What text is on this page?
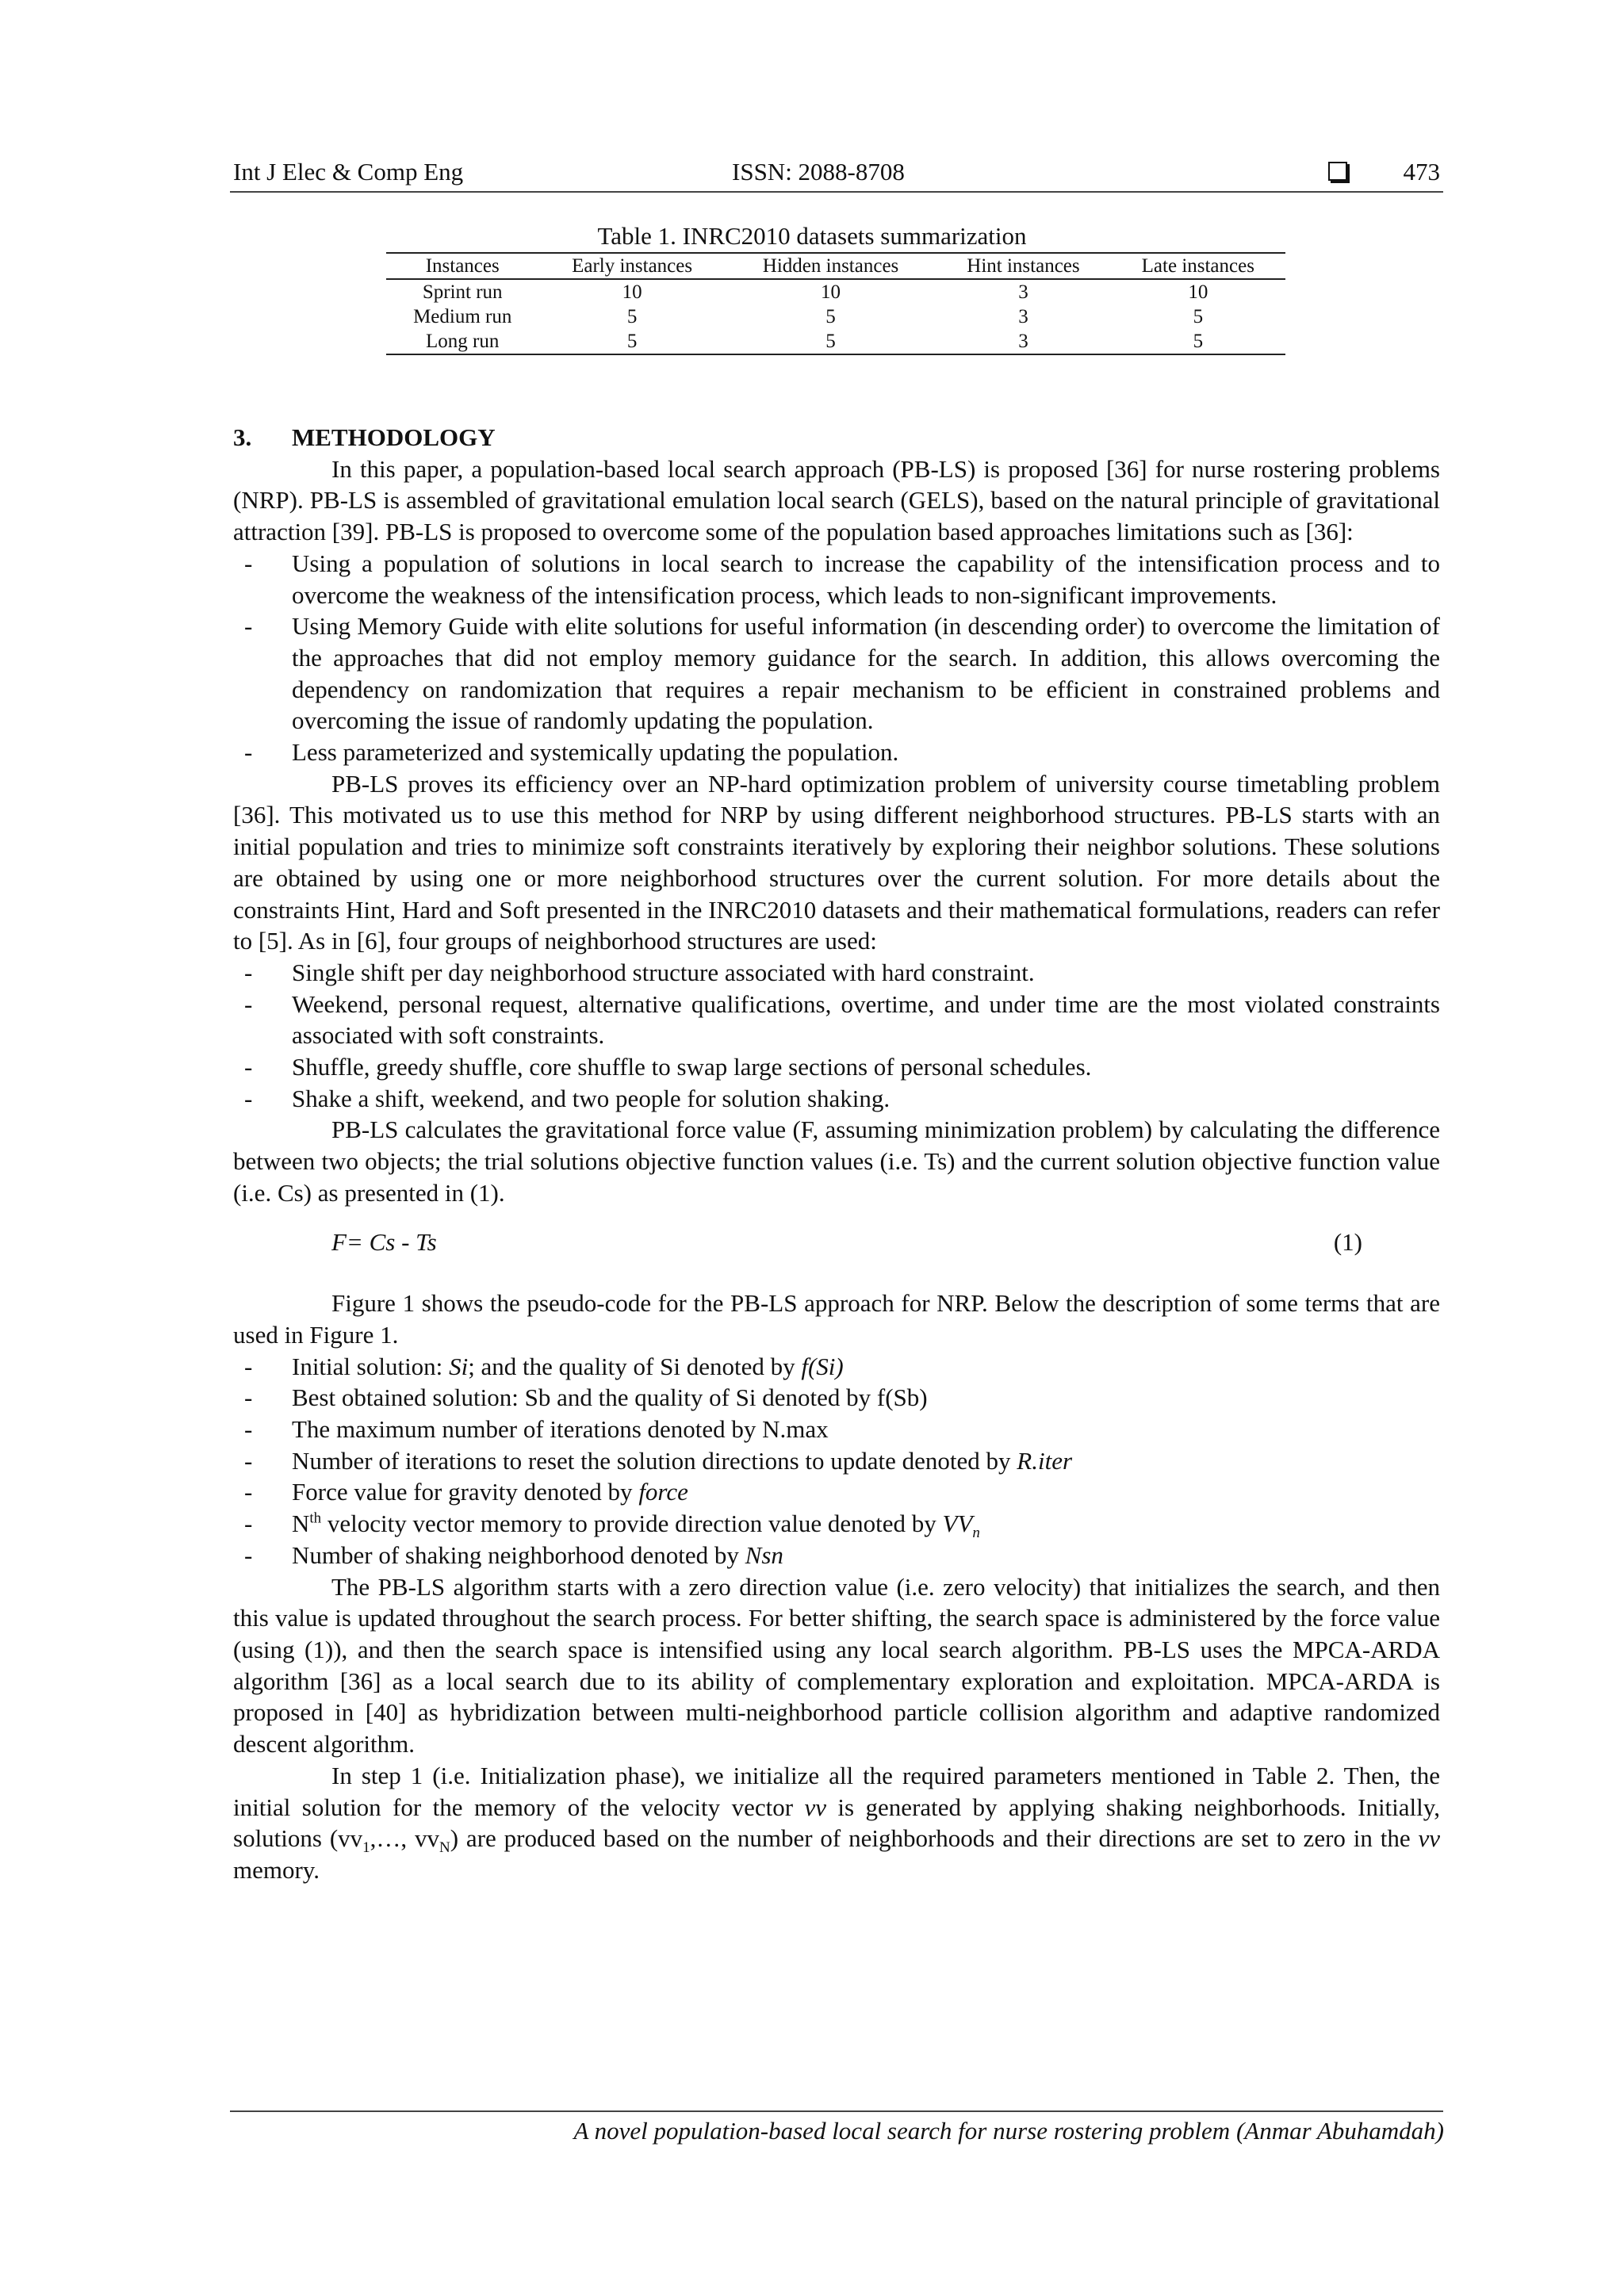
Int J Elec & Comp Eng	ISSN: 2088-8708	473
Table 1. INRC2010 datasets summarization
Instances	Early instances	Hidden instances	Hint instances	Late instances
Sprint run	10	10	3	10
Medium run	5	5	3	5
Long run	5	5	3	5

3. METHODOLOGY

In this paper, a population-based local search approach (PB-LS) is proposed [36] for nurse rostering problems (NRP). PB-LS is assembled of gravitational emulation local search (GELS), based on the natural principle of gravitational attraction [39]. PB-LS is proposed to overcome some of the population based approaches limitations such as [36]:

- Using a population of solutions in local search to increase the capability of the intensification process and to overcome the weakness of the intensification process, which leads to non-significant improvements.
- Using Memory Guide with elite solutions for useful information (in descending order) to overcome the limitation of the approaches that did not employ memory guidance for the search. In addition, this allows overcoming the dependency on randomization that requires a repair mechanism to be efficient in constrained problems and overcoming the issue of randomly updating the population.
- Less parameterized and systemically updating the population.

PB-LS proves its efficiency over an NP-hard optimization problem of university course timetabling problem [36]. This motivated us to use this method for NRP by using different neighborhood structures. PB-LS starts with an initial population and tries to minimize soft constraints iteratively by exploring their neighbor solutions. These solutions are obtained by using one or more neighborhood structures over the current solution. For more details about the constraints Hint, Hard and Soft presented in the INRC2010 datasets and their mathematical formulations, readers can refer to [5]. As in [6], four groups of neighborhood structures are used:

- Single shift per day neighborhood structure associated with hard constraint.
- Weekend, personal request, alternative qualifications, overtime, and under time are the most violated constraints associated with soft constraints.
- Shuffle, greedy shuffle, core shuffle to swap large sections of personal schedules.
- Shake a shift, weekend, and two people for solution shaking.

PB-LS calculates the gravitational force value (F, assuming minimization problem) by calculating the difference between two objects; the trial solutions objective function values (i.e. Ts) and the current solution objective function value (i.e. Cs) as presented in (1).

F= Cs - Ts	(1)

Figure 1 shows the pseudo-code for the PB-LS approach for NRP. Below the description of some terms that are used in Figure 1.

- Initial solution: Si; and the quality of Si denoted by f(Si)
- Best obtained solution: Sb and the quality of Si denoted by f(Sb)
- The maximum number of iterations denoted by N.max
- Number of iterations to reset the solution directions to update denoted by R.iter
- Force value for gravity denoted by force
- $N^{th}$ velocity vector memory to provide direction value denoted by $VV_n$
- Number of shaking neighborhood denoted by Nsn

The PB-LS algorithm starts with a zero direction value (i.e. zero velocity) that initializes the search, and then this value is updated throughout the search process. For better shifting, the search space is administered by the force value (using (1)), and then the search space is intensified using any local search algorithm. PB-LS uses the MPCA-ARDA algorithm [36] as a local search due to its ability of complementary exploration and exploitation. MPCA-ARDA is proposed in [40] as hybridization between multi-neighborhood particle collision algorithm and adaptive randomized descent algorithm.

In step 1 (i.e. Initialization phase), we initialize all the required parameters mentioned in Table 2. Then, the initial solution for the memory of the velocity vector vv is generated by applying shaking neighborhoods. Initially, solutions ($vv_1,\dots$, $vv_N$) are produced based on the number of neighborhoods and their directions are set to zero in the vv memory.

A novel population-based local search for nurse rostering problem (Anmar Abuhamdah)
